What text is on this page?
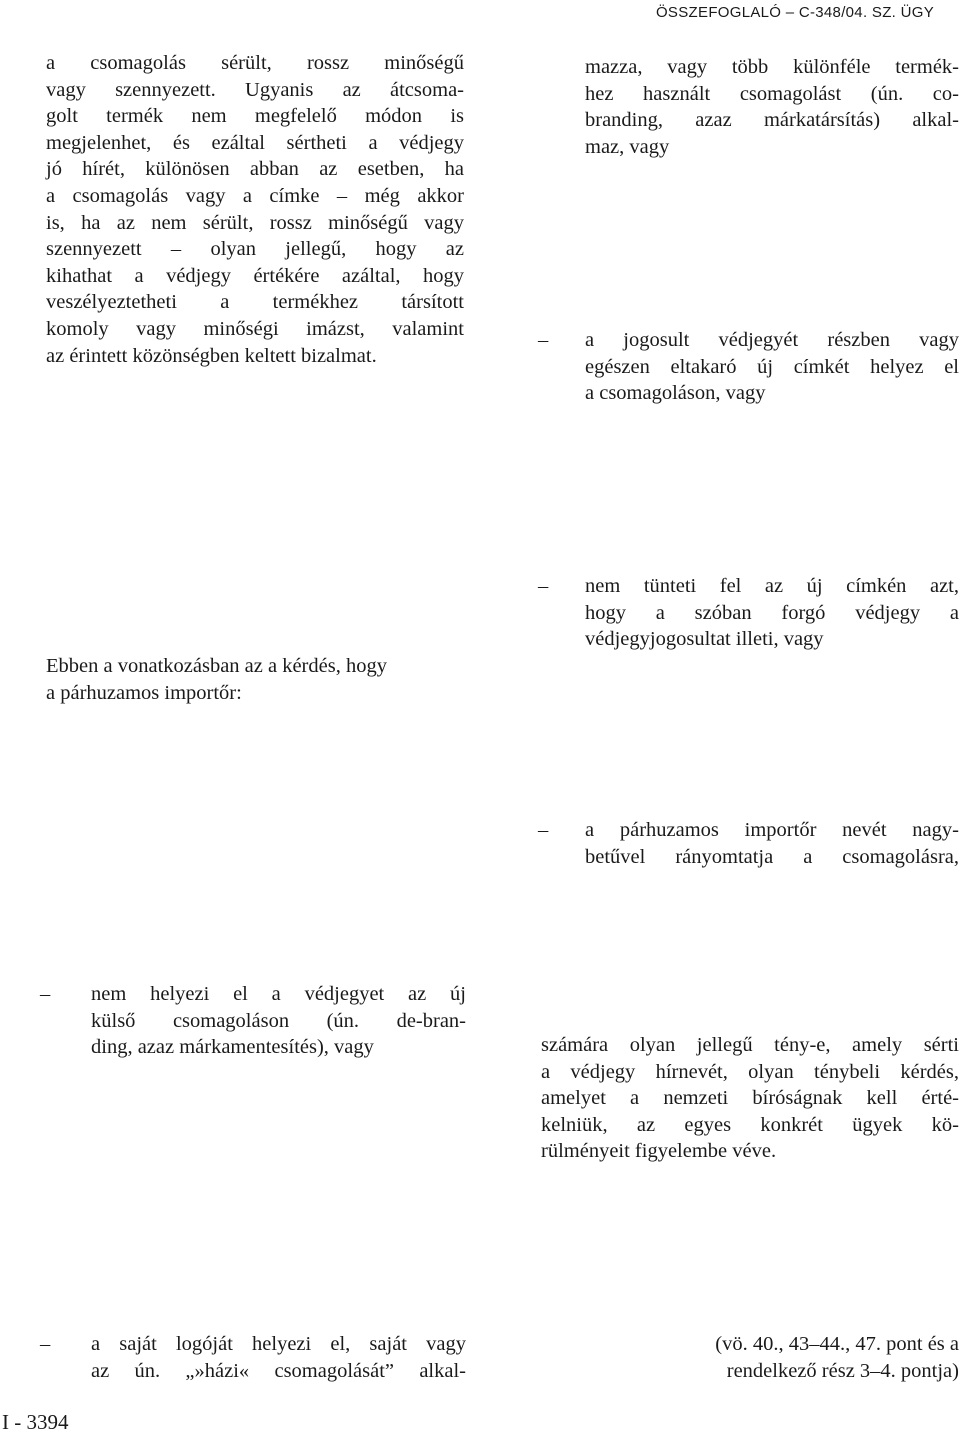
ÖSSZEFOGLALÓ – C-348/04. SZ. ÜGY
a csomagolás sérült, rossz minőségű
vagy szennyezett. Ugyanis az átcsoma-
golt termék nem megfelelő módon is
megjelenhet, és ezáltal sértheti a védjegy
jó hírét, különösen abban az esetben, ha
a csomagolás vagy a címke – még akkor
is, ha az nem sérült, rossz minőségű vagy
szennyezett – olyan jellegű, hogy az
kihathat a védjegy értékére azáltal, hogy
veszélyeztetheti a termékhez társított
komoly vagy minőségi imázst, valamint
az érintett közönségben keltett bizalmat.
Ebben a vonatkozásban az a kérdés, hogy
a párhuzamos importőr:
– nem helyezi el a védjegyet az új
külső csomagoláson (ún. de-bran-
ding, azaz márkamentesítés), vagy
– a saját logóját helyezi el, saját vagy
az ún. „»házi« csomagolását” alkal-
mazza, vagy több különféle termék-
hez használt csomagolást (ún. co-
branding, azaz márkatársítás) alkal-
maz, vagy
– a jogosult védjegyét részben vagy
egészen eltakaró új címkét helyez el
a csomagoláson, vagy
– nem tünteti fel az új címkén azt,
hogy a szóban forgó védjegy a
védjegyjogosultat illeti, vagy
– a párhuzamos importőr nevét nagy-
betűvel rányomtatja a csomagolásra,
számára olyan jellegű tény-e, amely sérti
a védjegy hírnevét, olyan ténybeli kérdés,
amelyet a nemzeti bíróságnak kell érté-
kelniük, az egyes konkrét ügyek kö-
rülményeit figyelembe véve.
(vö. 40., 43–44., 47. pont és a
rendelkező rész 3–4. pontja)
I - 3394
